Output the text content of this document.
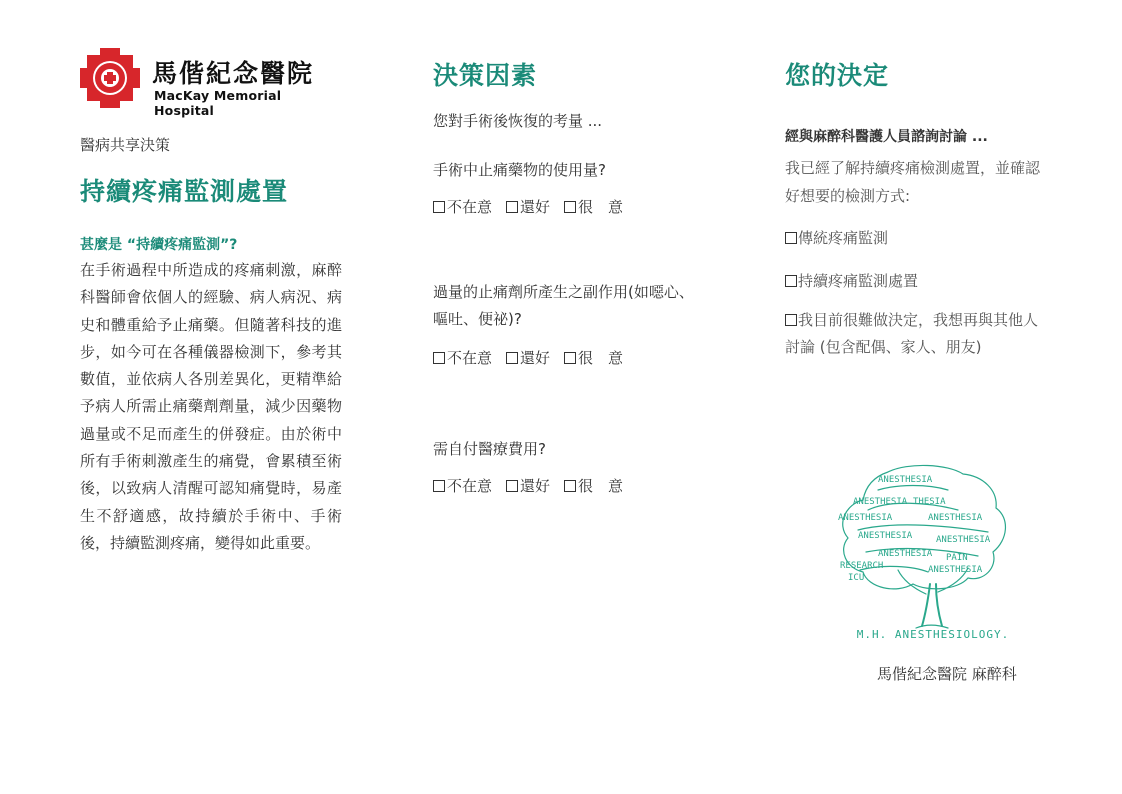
馬偕紀念醫院
MacKay Memorial Hospital
醫病共享決策
持續疼痛監測處置
甚麼是 “持續疼痛監測”?
在手術過程中所造成的疼痛刺激，麻醉科醫師會依個人的經驗、病人病況、病史和體重給予止痛藥。但隨著科技的進步，如今可在各種儀器檢測下，參考其數值，並依病人各別差異化，更精準給予病人所需止痛藥劑劑量，減少因藥物過量或不足而產生的併發症。由於術中所有手術刺激產生的痛覺，會累積至術後，以致病人清醒可認知痛覺時，易產生不舒適感，故持續於手術中、手術後，持續監測疼痛，變得如此重要。
決策因素
您對手術後恢復的考量 ...
手術中止痛藥物的使用量?
不在意 還好 很　意
過量的止痛劑所產生之副作用(如噁心、嘔吐、便祕)?
不在意 還好 很　意
需自付醫療費用?
不在意 還好 很　意
您的決定
經與麻醉科醫護人員諮詢討論 ...
我已經了解持續疼痛檢測處置，並確認好想要的檢測方式:
傳統疼痛監測
持續疼痛監測處置
我目前很難做決定，我想再與其他人討論 (包含配偶、家人、朋友)
ANESTHESIA
ANESTHESIA THESIA
ANESTHESIA	ANESTHESIA
ANESTHESIA	ANESTHESIA
ANESTHESIA
RESEARCH	ANESTHESIA
ICU
PAIN
M.H. ANESTHESIOLOGY.
馬偕紀念醫院 麻醉科
